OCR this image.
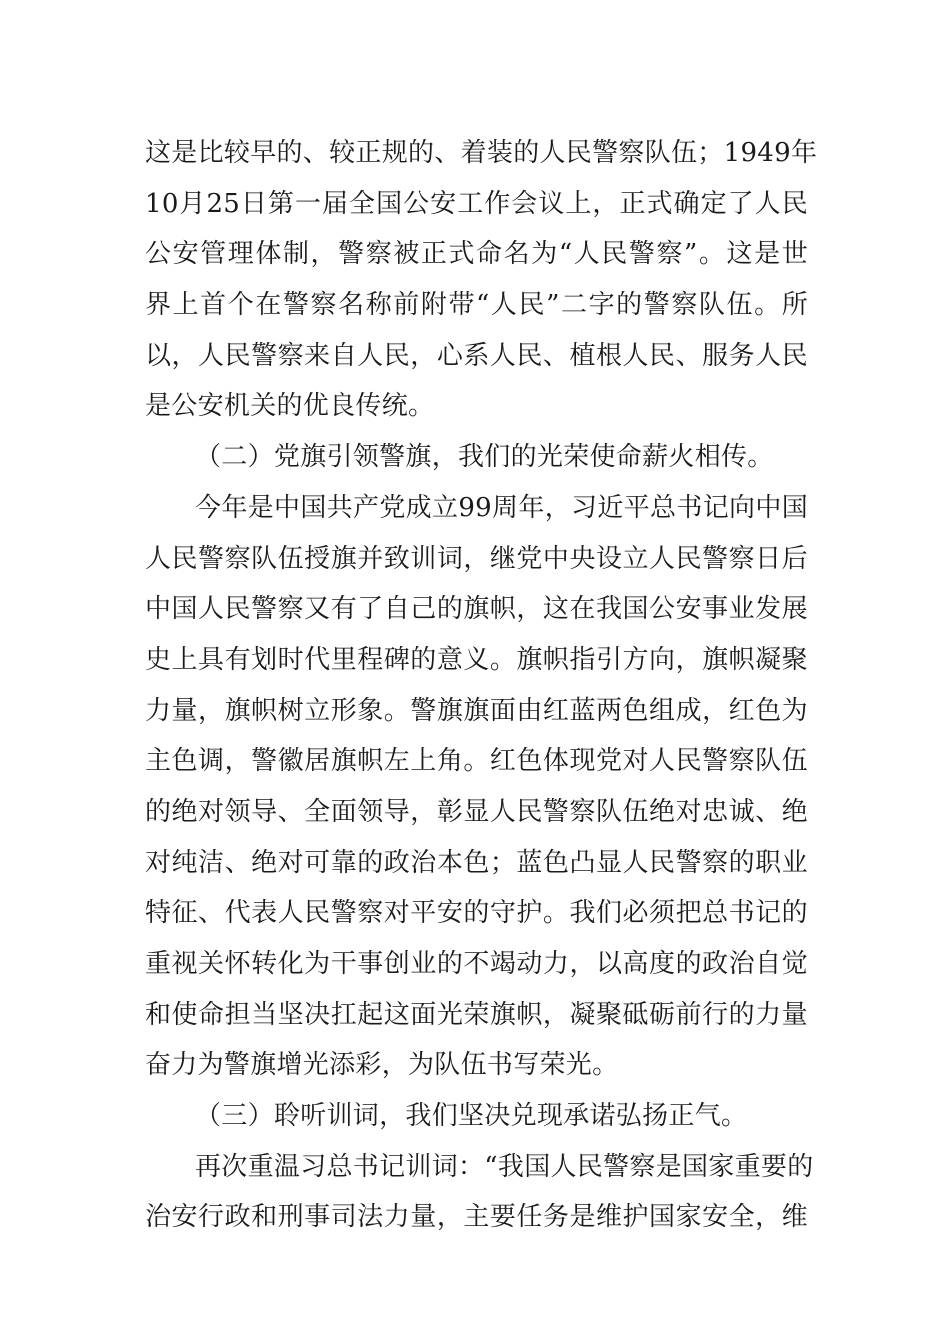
这是比较早的、较正规的、着装的人民警察队伍；1949年
10月25日第一届全国公安工作会议上，正式确定了人民
公安管理体制，警察被正式命名为“人民警察”。这是世
界上首个在警察名称前附带“人民”二字的警察队伍。所
以，人民警察来自人民，心系人民、植根人民、服务人民
是公安机关的优良传统。
（二）党旗引领警旗，我们的光荣使命薪火相传。
今年是中国共产党成立99周年，习近平总书记向中国
人民警察队伍授旗并致训词，继党中央设立人民警察日后
中国人民警察又有了自己的旗帜，这在我国公安事业发展
史上具有划时代里程碑的意义。旗帜指引方向，旗帜凝聚
力量，旗帜树立形象。警旗旗面由红蓝两色组成，红色为
主色调，警徽居旗帜左上角。红色体现党对人民警察队伍
的绝对领导、全面领导，彰显人民警察队伍绝对忠诚、绝
对纯洁、绝对可靠的政治本色；蓝色凸显人民警察的职业
特征、代表人民警察对平安的守护。我们必须把总书记的
重视关怀转化为干事创业的不竭动力，以高度的政治自觉
和使命担当坚决扛起这面光荣旗帜，凝聚砥砺前行的力量
奋力为警旗增光添彩，为队伍书写荣光。
（三）聆听训词，我们坚决兑现承诺弘扬正气。
再次重温习总书记训词：“我国人民警察是国家重要的
治安行政和刑事司法力量，主要任务是维护国家安全，维
